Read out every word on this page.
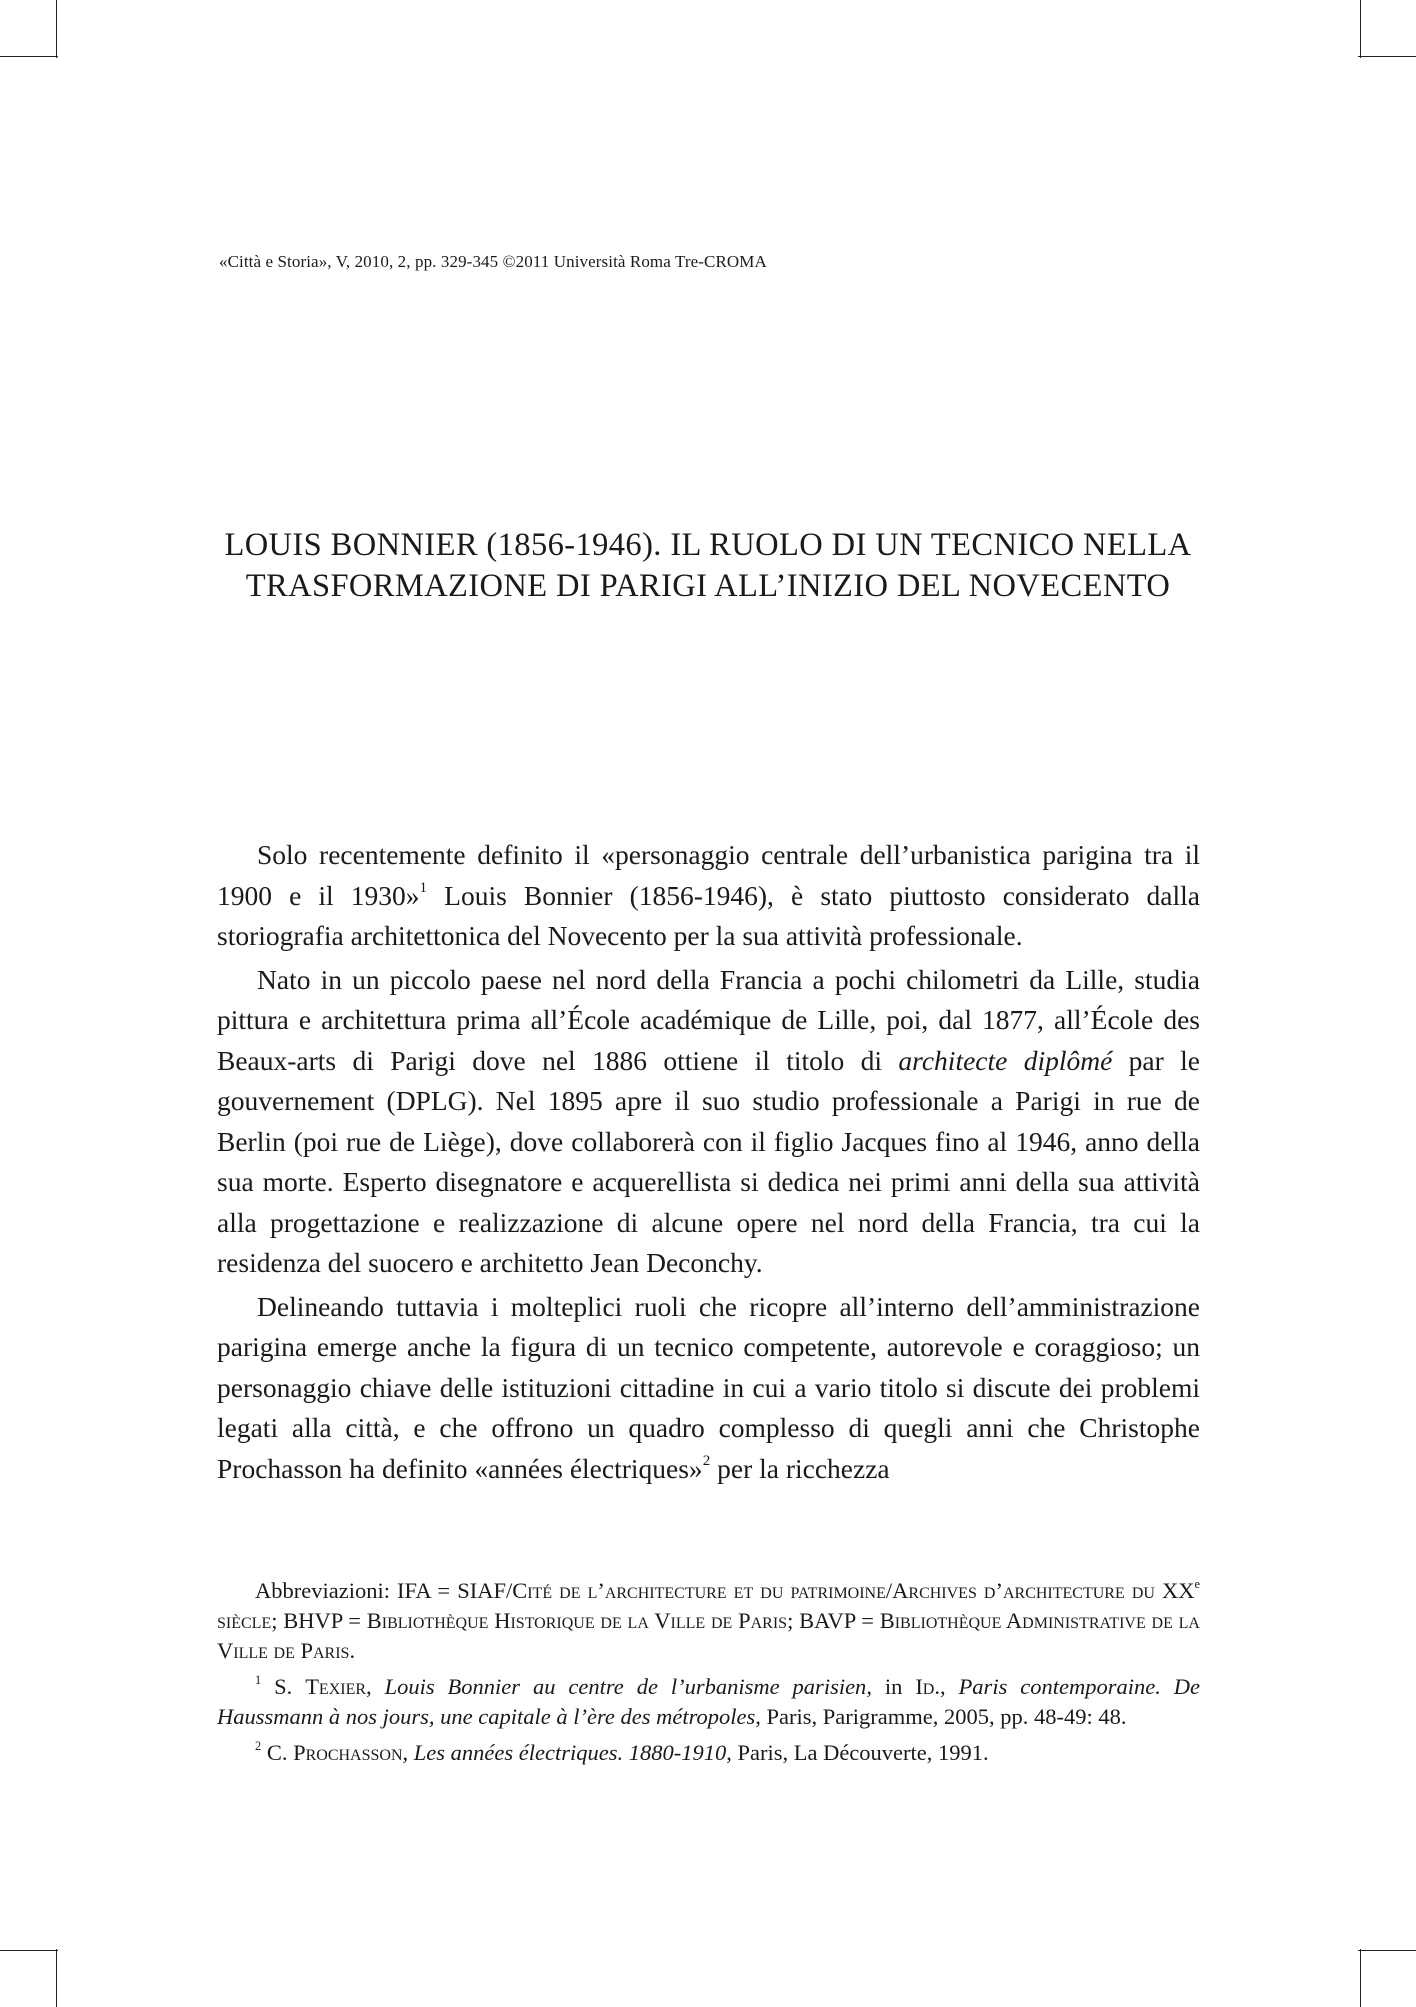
«Città e Storia», V, 2010, 2, pp. 329-345 ©2011 Università Roma Tre-CROMA
LOUIS BONNIER (1856-1946). IL RUOLO DI UN TECNICO NELLA
TRASFORMAZIONE DI PARIGI ALL’INIZIO DEL NOVECENTO

Solo recentemente definito il «personaggio centrale dell’urbanistica parigina tra il 1900 e il 1930»$^1$ Louis Bonnier (1856-1946), è stato piuttosto considerato dalla storiografia architettonica del Novecento per la sua attività professionale.

Nato in un piccolo paese nel nord della Francia a pochi chilometri da Lille, studia pittura e architettura prima all’École académique de Lille, poi, dal 1877, all’École des Beaux-arts di Parigi dove nel 1886 ottiene il titolo di architecte diplômé par le gouvernement (DPLG). Nel 1895 apre il suo studio professionale a Parigi in rue de Berlin (poi rue de Liège), dove collaborerà con il figlio Jacques fino al 1946, anno della sua morte. Esperto disegnatore e acquerellista si dedica nei primi anni della sua attività alla progettazione e realizzazione di alcune opere nel nord della Francia, tra cui la residenza del suocero e architetto Jean Deconchy.

Delineando tuttavia i molteplici ruoli che ricopre all’interno dell’amministrazione parigina emerge anche la figura di un tecnico competente, autorevole e coraggioso; un personaggio chiave delle istituzioni cittadine in cui a vario titolo si discute dei problemi legati alla città, e che offrono un quadro complesso di quegli anni che Christophe Prochasson ha definito «années électriques»$^2$ per la ricchezza

Abbreviazioni: IFA = SIAF/Cité de l’architecture et du patrimoine/Archives d’architecture du XXe siècle; BHVP = Bibliothèque Historique de la Ville de Paris; BAVP = Bibliothèque Administrative de la Ville de Paris.

$^1$ S. Texier, Louis Bonnier au centre de l’urbanisme parisien, in Id., Paris contemporaine. De Haussmann à nos jours, une capitale à l’ère des métropoles, Paris, Parigramme, 2005, pp. 48-49: 48.

$^2$ C. Prochasson, Les années électriques. 1880-1910, Paris, La Découverte, 1991.
